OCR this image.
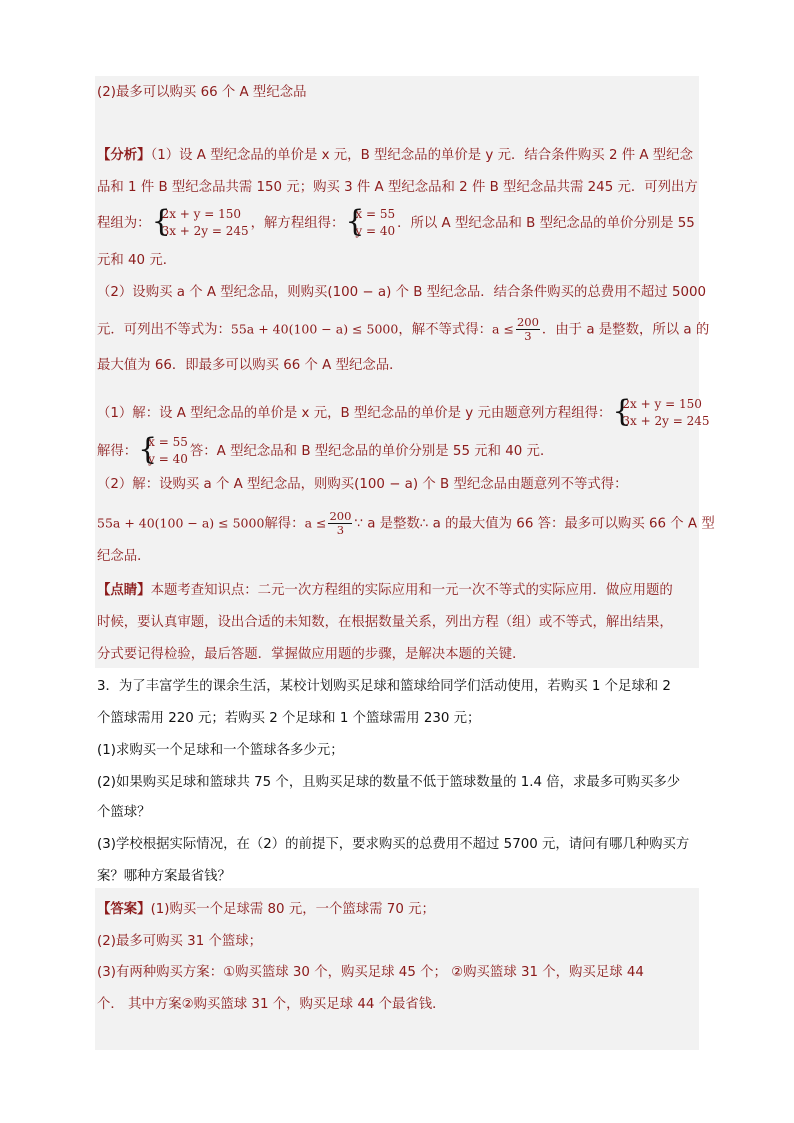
(2)最多可以购买 66 个 A 型纪念品
【分析】（1）设 A 型纪念品的单价是 x 元，B 型纪念品的单价是 y 元．结合条件购买 2 件 A 型纪念
品和 1 件 B 型纪念品共需 150 元；购买 3 件 A 型纪念品和 2 件 B 型纪念品共需 245 元．可列出方
程组为：
{ 2x + y = 150
3x + 2y = 245 ，解方程组得：
{ x = 55
y = 40 ．所以 A 型纪念品和 B 型纪念品的单价分别是 55
元和 40 元．
（2）设购买 a 个 A 型纪念品，则购买(100 − a) 个 B 型纪念品．结合条件购买的总费用不超过 5000
元．可列出不等式为：55a + 40(100 − a) ≤ 5000，解不等式得：$a \le \frac{200}{3}$ ．由于 a 是整数，所以 a 的
最大值为 66．即最多可以购买 66 个 A 型纪念品．
（1）解：设 A 型纪念品的单价是 x 元，B 型纪念品的单价是 y 元由题意列方程组得：
{ 2x + y = 150
3x + 2y = 245
解得：
{ x = 55
y = 40 答：A 型纪念品和 B 型纪念品的单价分别是 55 元和 40 元．
（2）解：设购买 a 个 A 型纪念品，则购买(100 − a) 个 B 型纪念品由题意列不等式得：
55a + 40(100 − a) ≤ 5000解得：$a \le \frac{200}{3}$ ∵ a 是整数∴ a 的最大值为 66 答：最多可以购买 66 个 A 型
纪念品．
【点睛】本题考查知识点：二元一次方程组的实际应用和一元一次不等式的实际应用．做应用题的
时候，要认真审题，设出合适的未知数，在根据数量关系，列出方程（组）或不等式，解出结果，
分式要记得检验，最后答题．掌握做应用题的步骤，是解决本题的关键．
3．为了丰富学生的课余生活，某校计划购买足球和篮球给同学们活动使用，若购买 1 个足球和 2
个篮球需用 220 元；若购买 2 个足球和 1 个篮球需用 230 元；
(1)求购买一个足球和一个篮球各多少元；
(2)如果购买足球和篮球共 75 个，且购买足球的数量不低于篮球数量的 1.4 倍，求最多可购买多少
个篮球？
(3)学校根据实际情况，在（2）的前提下，要求购买的总费用不超过 5700 元，请问有哪几种购买方
案？哪种方案最省钱？
【答案】(1)购买一个足球需 80 元，一个篮球需 70 元；
(2)最多可购买 31 个篮球；
(3)有两种购买方案：①购买篮球 30 个，购买足球 45 个； ②购买篮球 31 个，购买足球 44
个． 其中方案②购买篮球 31 个，购买足球 44 个最省钱．
